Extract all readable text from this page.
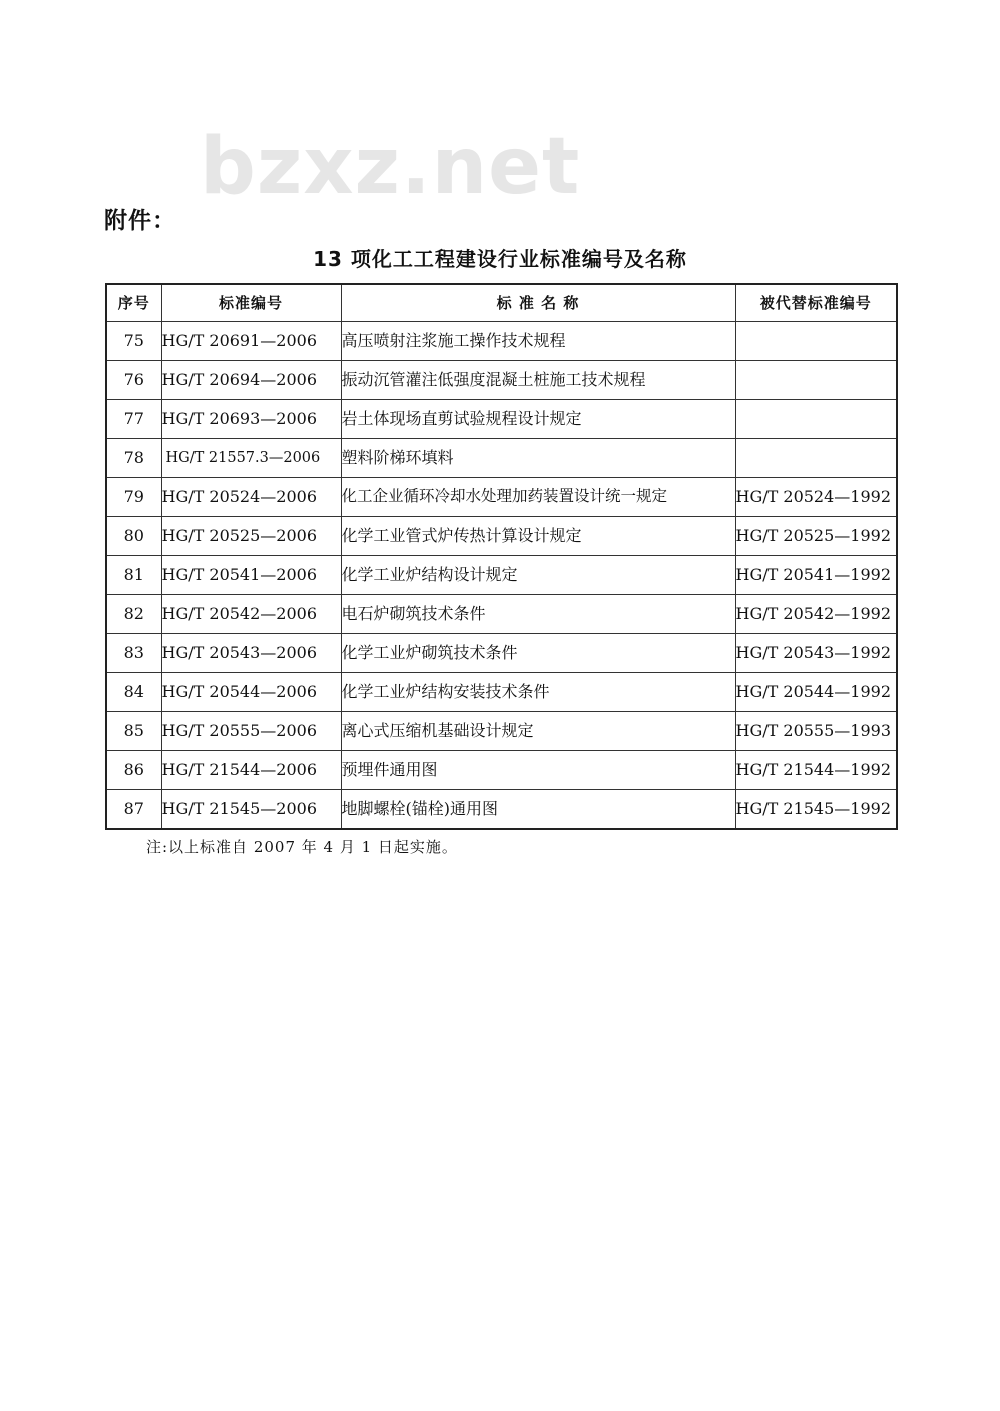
bzxz.net
附件：
13 项化工工程建设行业标准编号及名称
序号	标准编号	标 准 名 称	被代替标准编号
75	HG/T 20691—2006	高压喷射注浆施工操作技术规程	
76	HG/T 20694—2006	振动沉管灌注低强度混凝土桩施工技术规程	
77	HG/T 20693—2006	岩土体现场直剪试验规程设计规定	
78	HG/T 21557.3—2006	塑料阶梯环填料	
79	HG/T 20524—2006	化工企业循环冷却水处理加药装置设计统一规定	HG/T 20524—1992
80	HG/T 20525—2006	化学工业管式炉传热计算设计规定	HG/T 20525—1992
81	HG/T 20541—2006	化学工业炉结构设计规定	HG/T 20541—1992
82	HG/T 20542—2006	电石炉砌筑技术条件	HG/T 20542—1992
83	HG/T 20543—2006	化学工业炉砌筑技术条件	HG/T 20543—1992
84	HG/T 20544—2006	化学工业炉结构安装技术条件	HG/T 20544—1992
85	HG/T 20555—2006	离心式压缩机基础设计规定	HG/T 20555—1993
86	HG/T 21544—2006	预埋件通用图	HG/T 21544—1992
87	HG/T 21545—2006	地脚螺栓(锚栓)通用图	HG/T 21545—1992
注:以上标准自 2007 年 4 月 1 日起实施。
